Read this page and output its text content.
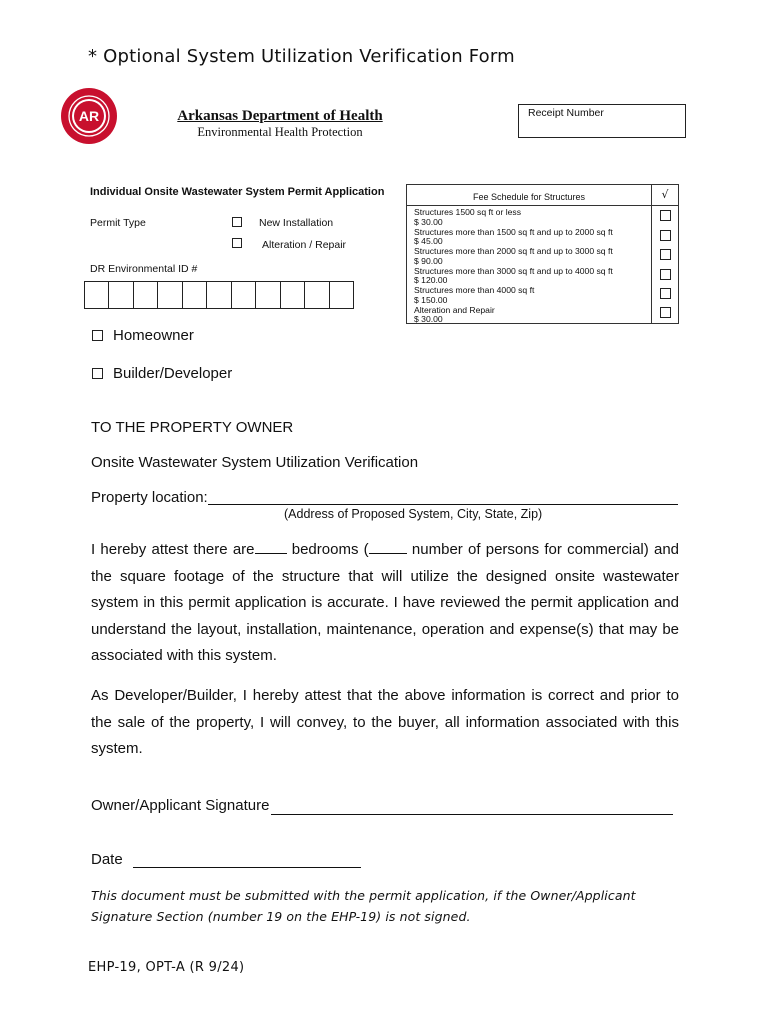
* Optional System Utilization Verification Form
AR	Arkansas Department of Health
Environmental Health Protection
Receipt Number
Individual Onsite Wastewater System Permit Application
Permit Type	New Installation
Alteration / Repair
DR Environmental ID #
Fee Schedule for Structures	√
Structures 1500 sq ft or less
$ 30.00
Structures more than 1500 sq ft and up to 2000 sq ft
$ 45.00
Structures more than 2000 sq ft and up to 3000 sq ft
$ 90.00
Structures more than 3000 sq ft and up to 4000 sq ft
$ 120.00
Structures more than 4000 sq ft
$ 150.00
Alteration and Repair
$ 30.00
Homeowner
Builder/Developer
TO THE PROPERTY OWNER
Onsite Wastewater System Utilization Verification
Property location:
(Address of Proposed System, City, State, Zip)
I hereby attest there are bedrooms (	number of persons for commercial) and the square footage of the structure that will utilize the designed onsite wastewater system in this permit application is accurate. I have reviewed the permit application and understand the layout, installation, maintenance, operation and expense(s) that may be associated with this system.
As Developer/Builder, I hereby attest that the above information is correct and prior to the sale of the property, I will convey, to the buyer, all information associated with this system.
Owner/Applicant Signature
Date
This document must be submitted with the permit application, if the Owner/Applicant Signature Section (number 19 on the EHP-19) is not signed.
EHP-19, OPT-A (R 9/24)
